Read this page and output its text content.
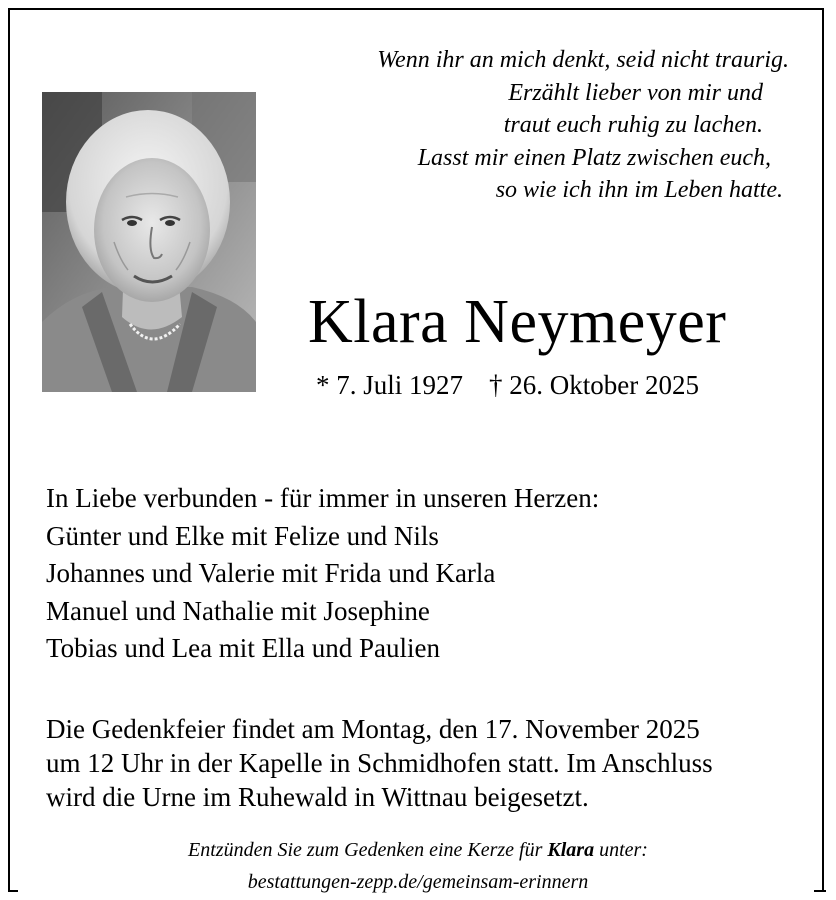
Wenn ihr an mich denkt, seid nicht traurig.
Erzählt lieber von mir und
traut euch ruhig zu lachen.
Lasst mir einen Platz zwischen euch,
so wie ich ihn im Leben hatte.
Klara Neymeyer
* 7. Juli 1927 † 26. Oktober 2025
In Liebe verbunden - für immer in unseren Herzen:
Günter und Elke mit Felize und Nils
Johannes und Valerie mit Frida und Karla
Manuel und Nathalie mit Josephine
Tobias und Lea mit Ella und Paulien
Die Gedenkfeier findet am Montag, den 17. November 2025
um 12 Uhr in der Kapelle in Schmidhofen statt. Im Anschluss
wird die Urne im Ruhewald in Wittnau beigesetzt.
Entzünden Sie zum Gedenken eine Kerze für Klara unter:
bestattungen-zepp.de/gemeinsam-erinnern
